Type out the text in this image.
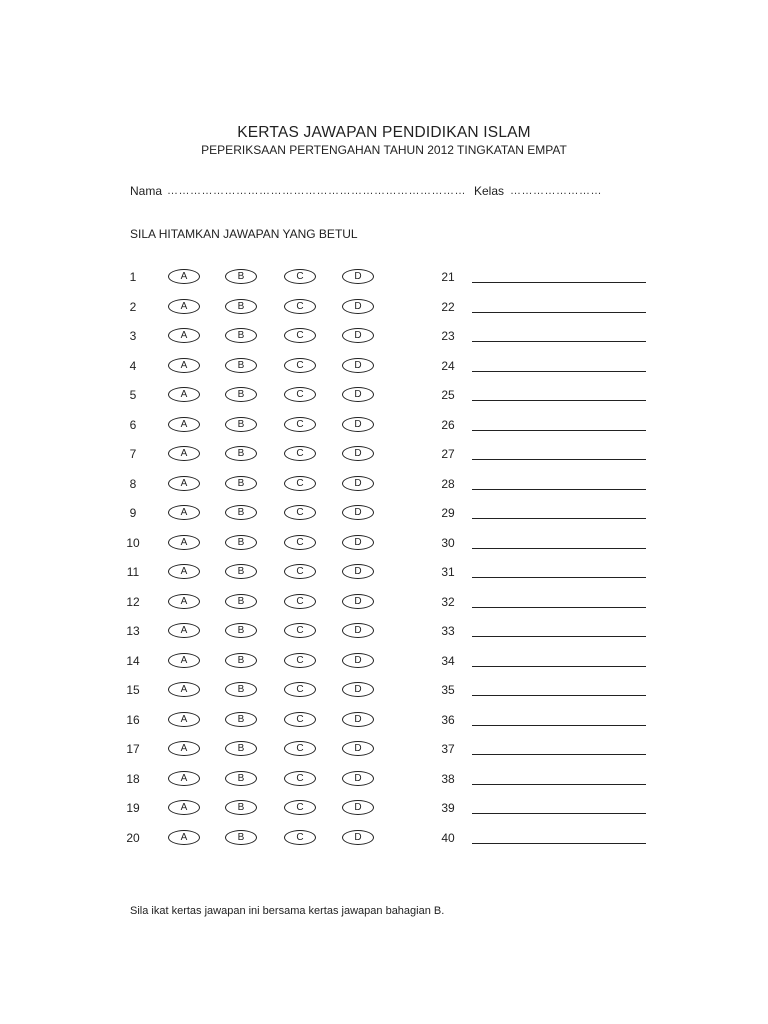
KERTAS JAWAPAN PENDIDIKAN ISLAM
PEPERIKSAAN PERTENGAHAN TAHUN 2012 TINGKATAN EMPAT
Nama …………………………………………………………………… Kelas ……………………
SILA HITAMKAN JAWAPAN YANG BETUL
1	A	B	C	D	21
2	A	B	C	D	22
3	A	B	C	D	23
4	A	B	C	D	24
5	A	B	C	D	25
6	A	B	C	D	26
7	A	B	C	D	27
8	A	B	C	D	28
9	A	B	C	D	29
10	A	B	C	D	30
11	A	B	C	D	31
12	A	B	C	D	32
13	A	B	C	D	33
14	A	B	C	D	34
15	A	B	C	D	35
16	A	B	C	D	36
17	A	B	C	D	37
18	A	B	C	D	38
19	A	B	C	D	39
20	A	B	C	D	40
Sila ikat kertas jawapan ini bersama kertas jawapan bahagian B.
